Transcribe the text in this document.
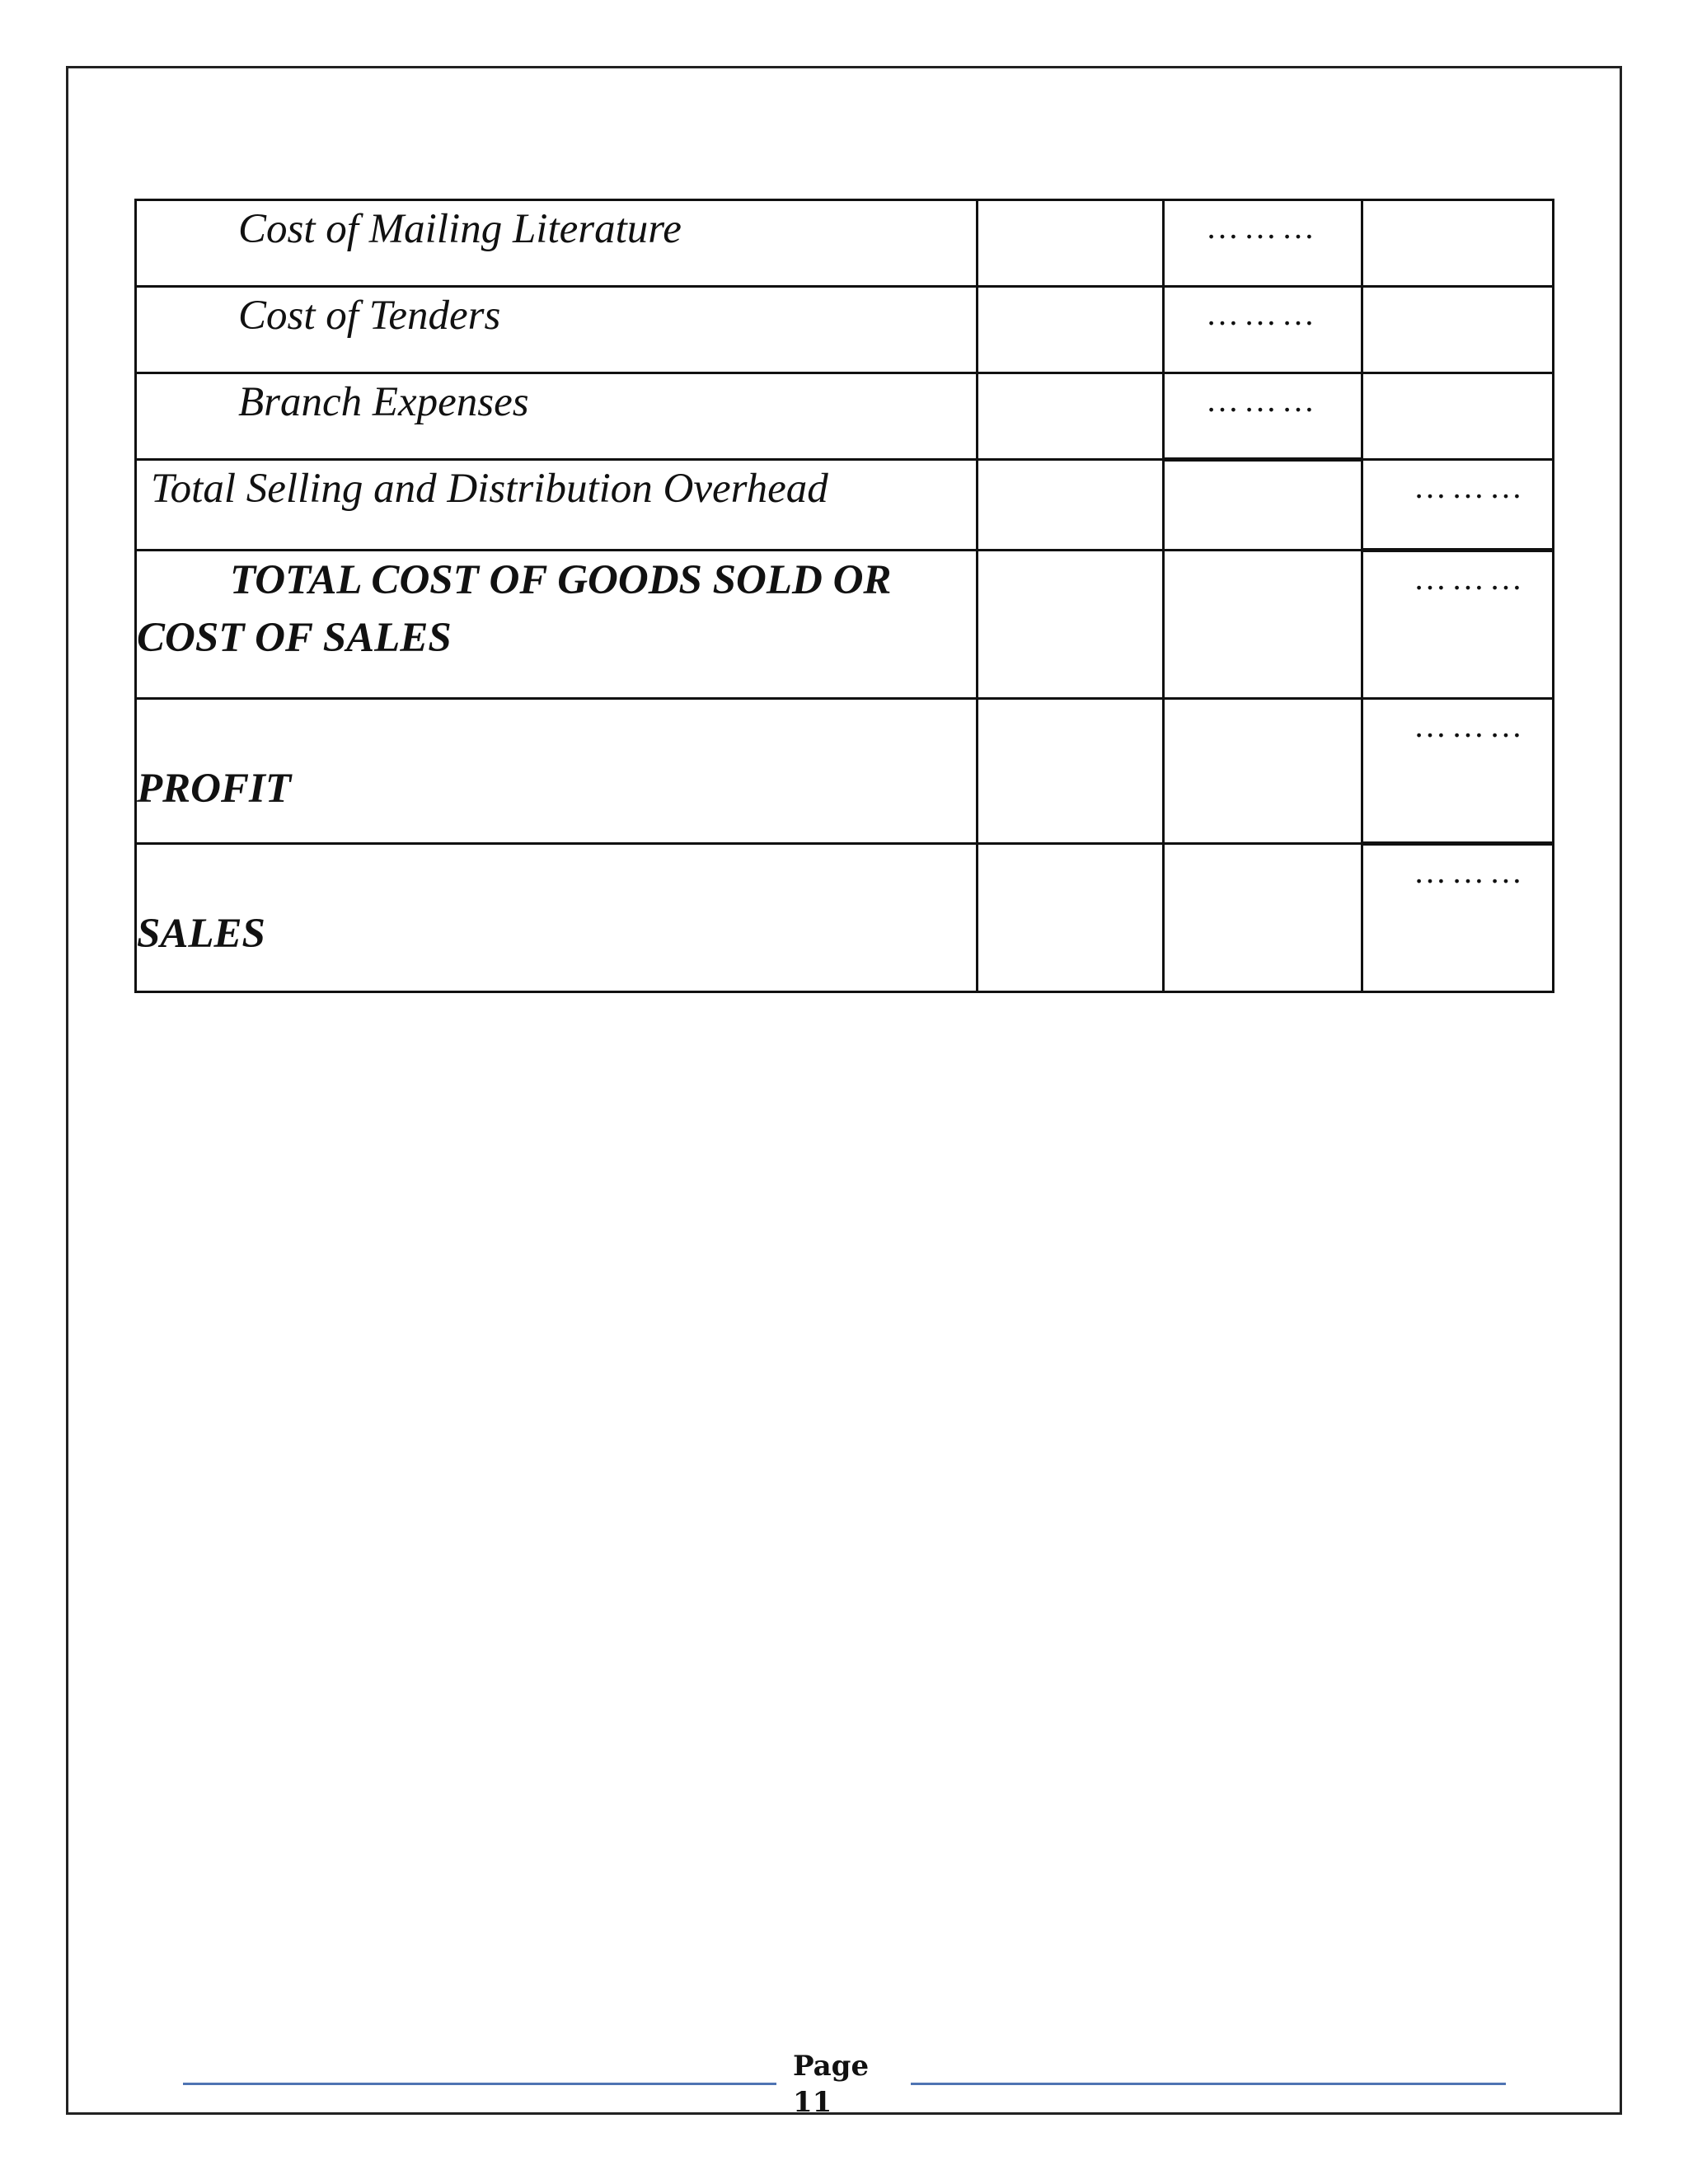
Cost of Mailing Literature		………	
Cost of Tenders		………	
Branch Expenses		………	
Total Selling and Distribution Overhead			………

TOTAL COST OF GOODS SOLD OR
COST OF SALES			………

PROFIT			………

SALES			………
Page
11
